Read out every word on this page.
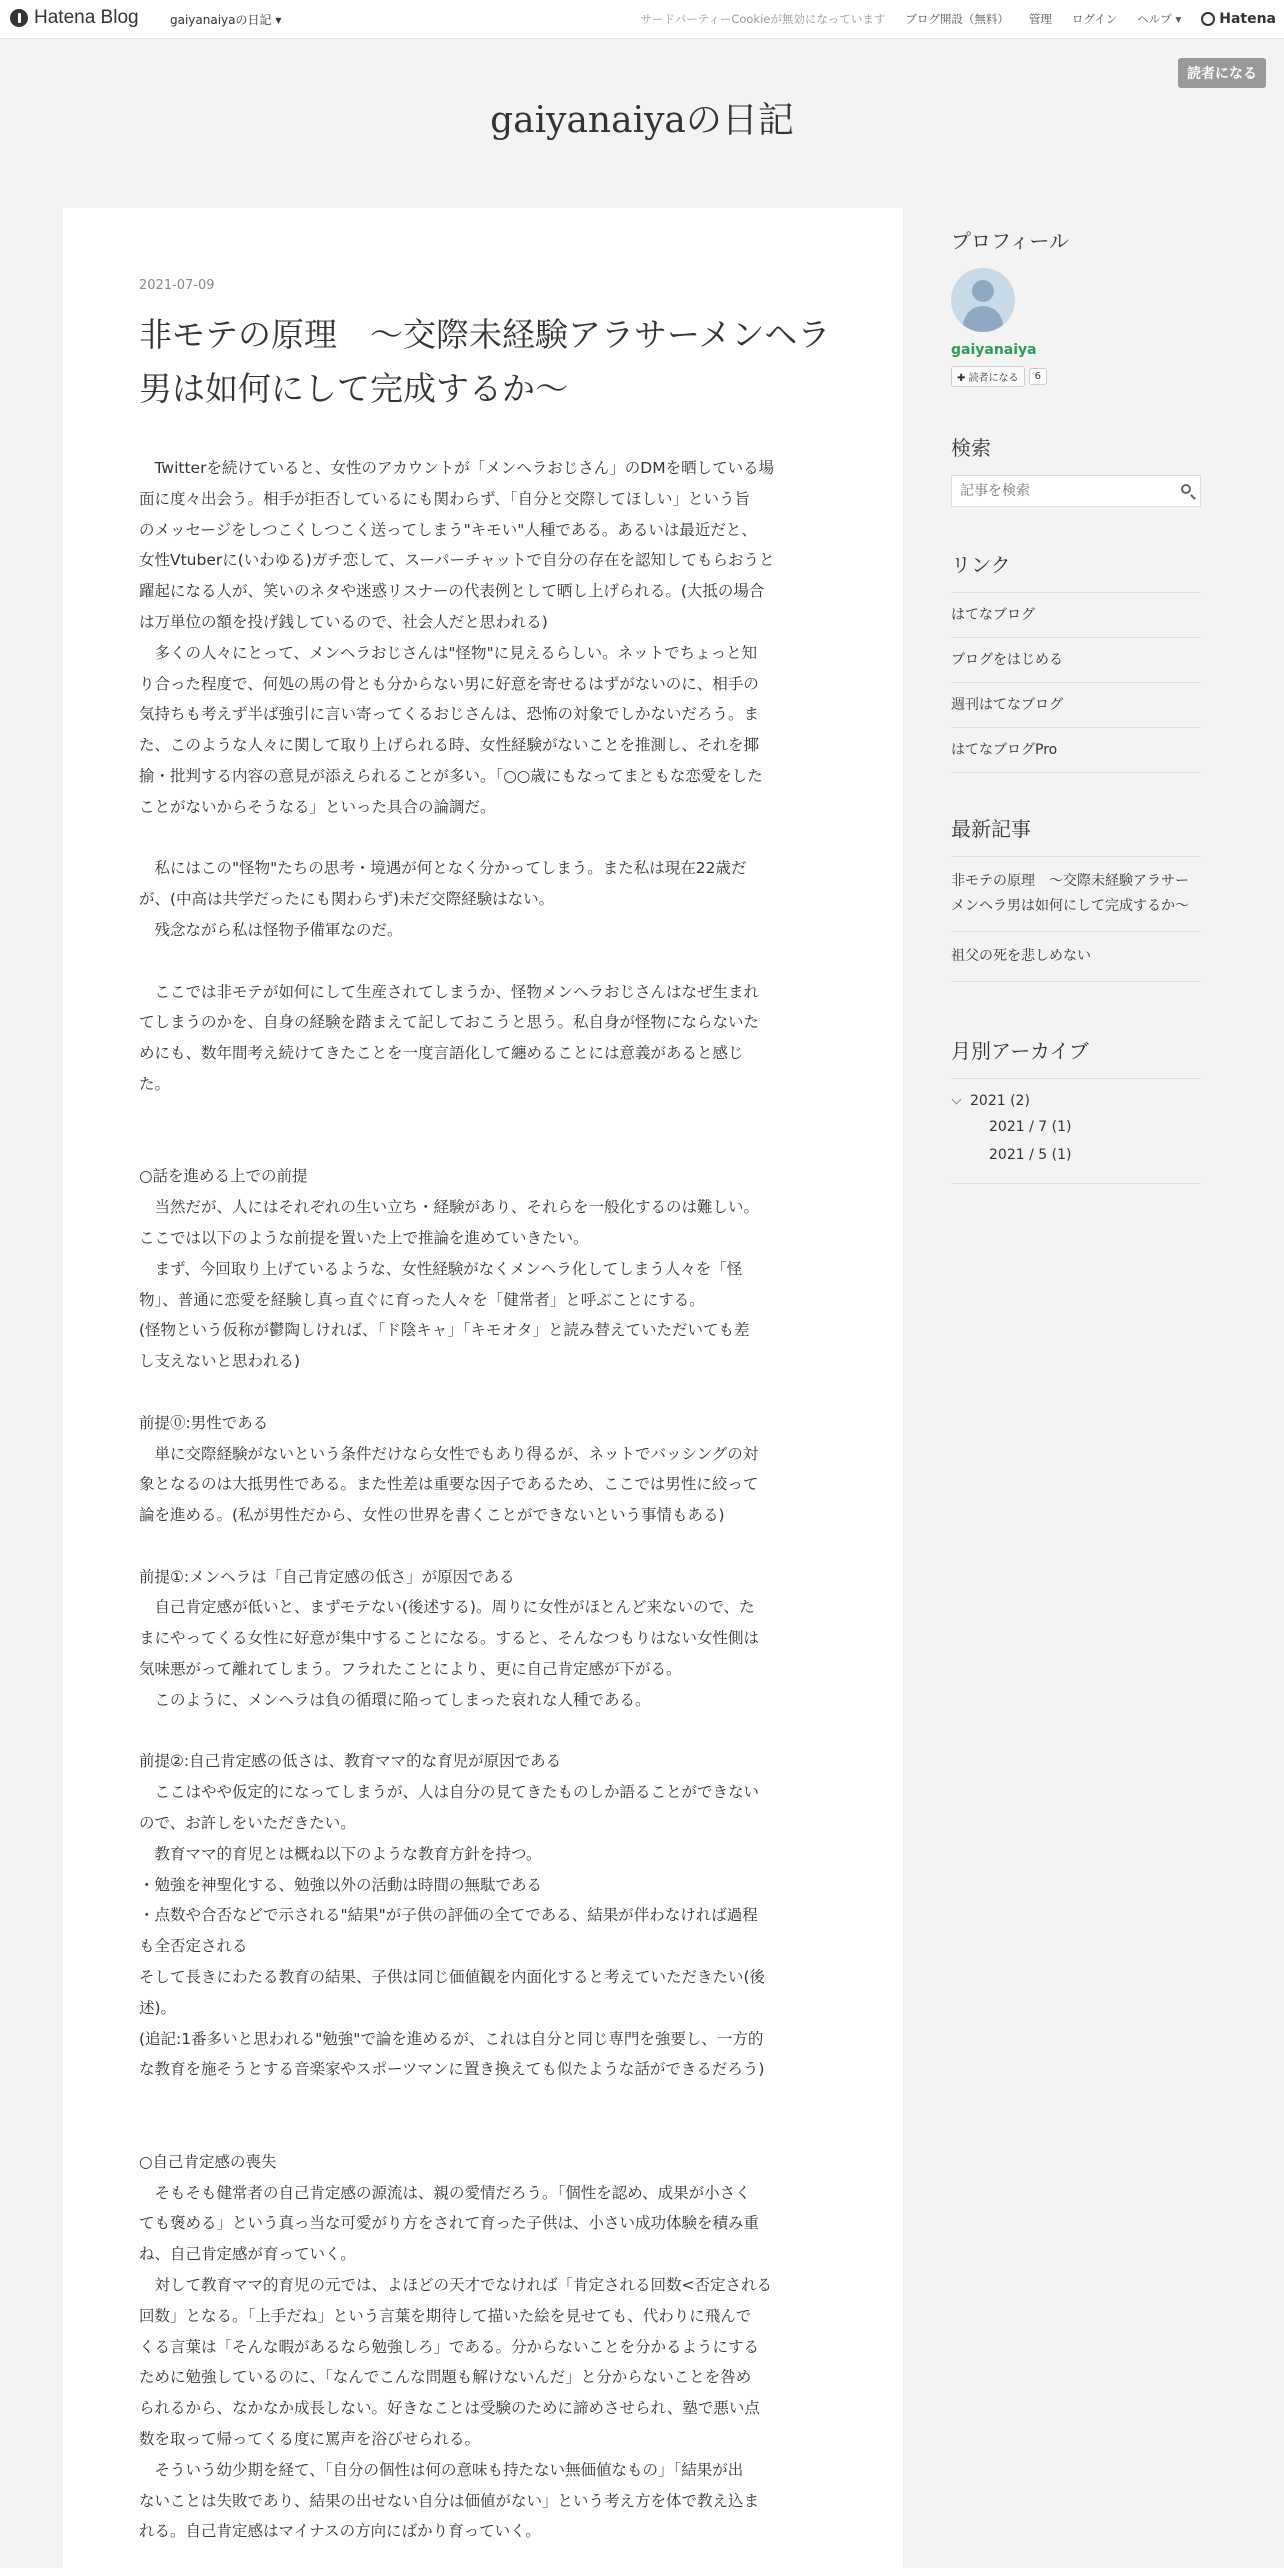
Hatena Blog	gaiyanaiyaの日記 ▾	サードパーティーCookieが無効になっています ブログ開設（無料） 管理 ログイン ヘルプ ▾	Hatena
読者になる
gaiyanaiyaの日記
2021-07-09
非モテの原理　〜交際未経験アラサーメンヘラ男は如何にして完成するか〜

　Twitterを続けていると、女性のアカウントが「メンヘラおじさん」のDMを晒している場

面に度々出会う。相手が拒否しているにも関わらず、「自分と交際してほしい」という旨

のメッセージをしつこくしつこく送ってしまう"キモい"人種である。あるいは最近だと、

女性Vtuberに(いわゆる)ガチ恋して、スーパーチャットで自分の存在を認知してもらおうと

躍起になる人が、笑いのネタや迷惑リスナーの代表例として晒し上げられる。(大抵の場合

は万単位の額を投げ銭しているので、社会人だと思われる)

　多くの人々にとって、メンヘラおじさんは"怪物"に見えるらしい。ネットでちょっと知

り合った程度で、何処の馬の骨とも分からない男に好意を寄せるはずがないのに、相手の

気持ちも考えず半ば強引に言い寄ってくるおじさんは、恐怖の対象でしかないだろう。ま

た、このような人々に関して取り上げられる時、女性経験がないことを推測し、それを揶

揄・批判する内容の意見が添えられることが多い。「○○歳にもなってまともな恋愛をした

ことがないからそうなる」といった具合の論調だ。

　私にはこの"怪物"たちの思考・境遇が何となく分かってしまう。また私は現在22歳だ

が、(中高は共学だったにも関わらず)未だ交際経験はない。

　残念ながら私は怪物予備軍なのだ。

　ここでは非モテが如何にして生産されてしまうか、怪物メンヘラおじさんはなぜ生まれ

てしまうのかを、自身の経験を踏まえて記しておこうと思う。私自身が怪物にならないた

めにも、数年間考え続けてきたことを一度言語化して纏めることには意義があると感じ

た。

○話を進める上での前提

　当然だが、人にはそれぞれの生い立ち・経験があり、それらを一般化するのは難しい。

ここでは以下のような前提を置いた上で推論を進めていきたい。

　まず、今回取り上げているような、女性経験がなくメンヘラ化してしまう人々を「怪

物」、普通に恋愛を経験し真っ直ぐに育った人々を「健常者」と呼ぶことにする。

(怪物という仮称が鬱陶しければ、「ド陰キャ」「キモオタ」と読み替えていただいても差

し支えないと思われる)

前提⓪:男性である

　単に交際経験がないという条件だけなら女性でもあり得るが、ネットでバッシングの対

象となるのは大抵男性である。また性差は重要な因子であるため、ここでは男性に絞って

論を進める。(私が男性だから、女性の世界を書くことができないという事情もある)

前提①:メンヘラは「自己肯定感の低さ」が原因である

　自己肯定感が低いと、まずモテない(後述する)。周りに女性がほとんど来ないので、た

まにやってくる女性に好意が集中することになる。すると、そんなつもりはない女性側は

気味悪がって離れてしまう。フラれたことにより、更に自己肯定感が下がる。

　このように、メンヘラは負の循環に陥ってしまった哀れな人種である。

前提②:自己肯定感の低さは、教育ママ的な育児が原因である

　ここはやや仮定的になってしまうが、人は自分の見てきたものしか語ることができない

ので、お許しをいただきたい。

　教育ママ的育児とは概ね以下のような教育方針を持つ。

・勉強を神聖化する、勉強以外の活動は時間の無駄である

・点数や合否などで示される"結果"が子供の評価の全てである、結果が伴わなければ過程

も全否定される

そして長きにわたる教育の結果、子供は同じ価値観を内面化すると考えていただきたい(後

述)。

(追記:1番多いと思われる"勉強"で論を進めるが、これは自分と同じ専門を強要し、一方的

な教育を施そうとする音楽家やスポーツマンに置き換えても似たような話ができるだろう)

○自己肯定感の喪失

　そもそも健常者の自己肯定感の源流は、親の愛情だろう。「個性を認め、成果が小さく

ても褒める」という真っ当な可愛がり方をされて育った子供は、小さい成功体験を積み重

ね、自己肯定感が育っていく。

　対して教育ママ的育児の元では、よほどの天才でなければ「肯定される回数<否定される

回数」となる。「上手だね」という言葉を期待して描いた絵を見せても、代わりに飛んで

くる言葉は「そんな暇があるなら勉強しろ」である。分からないことを分かるようにする

ために勉強しているのに、「なんでこんな問題も解けないんだ」と分からないことを咎め

られるから、なかなか成長しない。好きなことは受験のために諦めさせられ、塾で悪い点

数を取って帰ってくる度に罵声を浴びせられる。

　そういう幼少期を経て、「自分の個性は何の意味も持たない無価値なもの」「結果が出

ないことは失敗であり、結果の出せない自分は価値がない」という考え方を体で教え込ま

れる。自己肯定感はマイナスの方向にばかり育っていく。

プロフィール
gaiyanaiya
✚ 読者になる	6
検索
記事を検索
リンク
はてなブログ
ブログをはじめる
週刊はてなブログ
はてなブログPro
最新記事
非モテの原理　〜交際未経験アラサーメンヘラ男は如何にして完成するか〜
祖父の死を悲しめない
月別アーカイブ
2021 (2)
2021 / 7 (1)
2021 / 5 (1)
